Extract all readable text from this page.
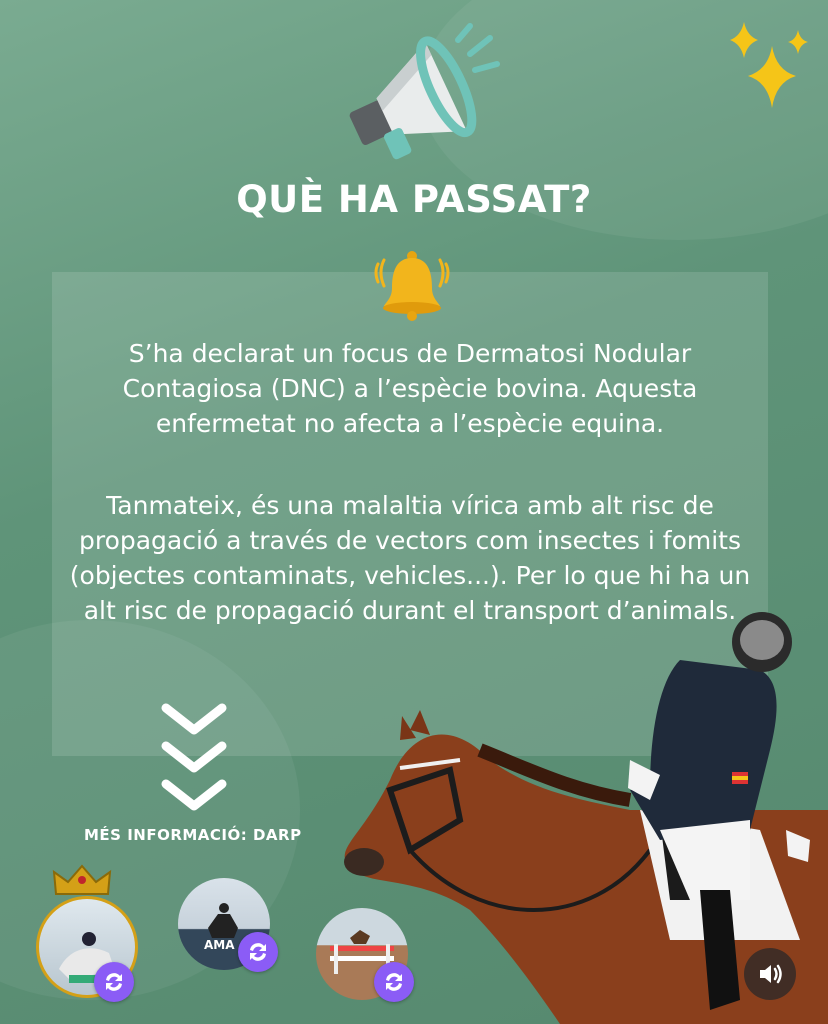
QUÈ HA PASSAT?
S’ha declarat un focus de Dermatosi Nodular Contagiosa (DNC) a l’espècie bovina. Aquesta enfermetat no afecta a l’espècie equina.
Tanmateix, és una malaltia vírica amb alt risc de propagació a través de vectors com insectes i fomits (objectes contaminats, vehicles...). Per lo que hi ha un alt risc de propagació durant el transport d’animals.
MÉS INFORMACIÓ: DARP
AMA
